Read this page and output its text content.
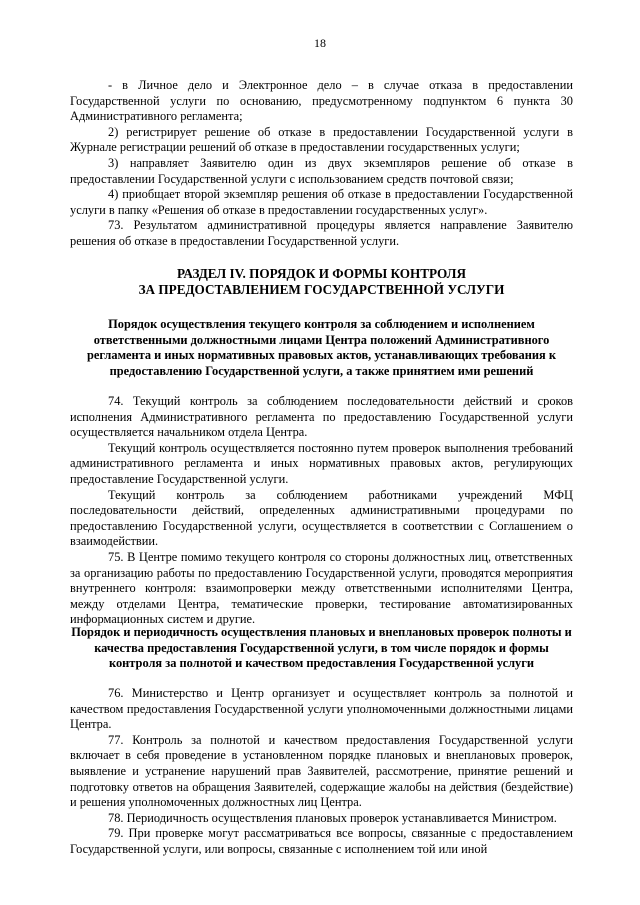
18

- в Личное дело и Электронное дело – в случае отказа в предоставлении Государственной услуги по основанию, предусмотренному подпунктом 6 пункта 30 Административного регламента;

2) регистрирует решение об отказе в предоставлении Государственной услуги в Журнале регистрации решений об отказе в предоставлении государственных услуги;

3) направляет Заявителю один из двух экземпляров решение об отказе в предоставлении Государственной услуги с использованием средств почтовой связи;

4) приобщает второй экземпляр решения об отказе в предоставлении Государственной услуги в папку «Решения об отказе в предоставлении государственных услуг».

73. Результатом административной процедуры является направление Заявителю решения об отказе в предоставлении Государственной услуги.

РАЗДЕЛ IV. ПОРЯДОК И ФОРМЫ КОНТРОЛЯ

ЗА ПРЕДОСТАВЛЕНИЕМ ГОСУДАРСТВЕННОЙ УСЛУГИ

Порядок осуществления текущего контроля за соблюдением и исполнением ответственными должностными лицами Центра положений Административного регламента и иных нормативных правовых актов, устанавливающих требования к предоставлению Государственной услуги, а также принятием ими решений

74. Текущий контроль за соблюдением последовательности действий и сроков исполнения Административного регламента по предоставлению Государственной услуги осуществляется начальником отдела Центра.

Текущий контроль осуществляется постоянно путем проверок выполнения требований административного регламента и иных нормативных правовых актов, регулирующих предоставление Государственной услуги.

Текущий контроль за соблюдением работниками учреждений МФЦ последовательности действий, определенных административными процедурами по предоставлению Государственной услуги, осуществляется в соответствии с Соглашением о взаимодействии.

75. В Центре помимо текущего контроля со стороны должностных лиц, ответственных за организацию работы по предоставлению Государственной услуги, проводятся мероприятия внутреннего контроля: взаимопроверки между ответственными исполнителями Центра, между отделами Центра, тематические проверки, тестирование автоматизированных информационных систем и другие.

Порядок и периодичность осуществления плановых и внеплановых проверок полноты и качества предоставления Государственной услуги, в том числе порядок и формы контроля за полнотой и качеством предоставления Государственной услуги

76. Министерство и Центр организует и осуществляет контроль за полнотой и качеством предоставления Государственной услуги уполномоченными должностными лицами Центра.

77. Контроль за полнотой и качеством предоставления Государственной услуги включает в себя проведение в установленном порядке плановых и внеплановых проверок, выявление и устранение нарушений прав Заявителей, рассмотрение, принятие решений и подготовку ответов на обращения Заявителей, содержащие жалобы на действия (бездействие) и решения уполномоченных должностных лиц Центра.

78. Периодичность осуществления плановых проверок устанавливается Министром.

79. При проверке могут рассматриваться все вопросы, связанные с предоставлением Государственной услуги, или вопросы, связанные с исполнением той или иной
